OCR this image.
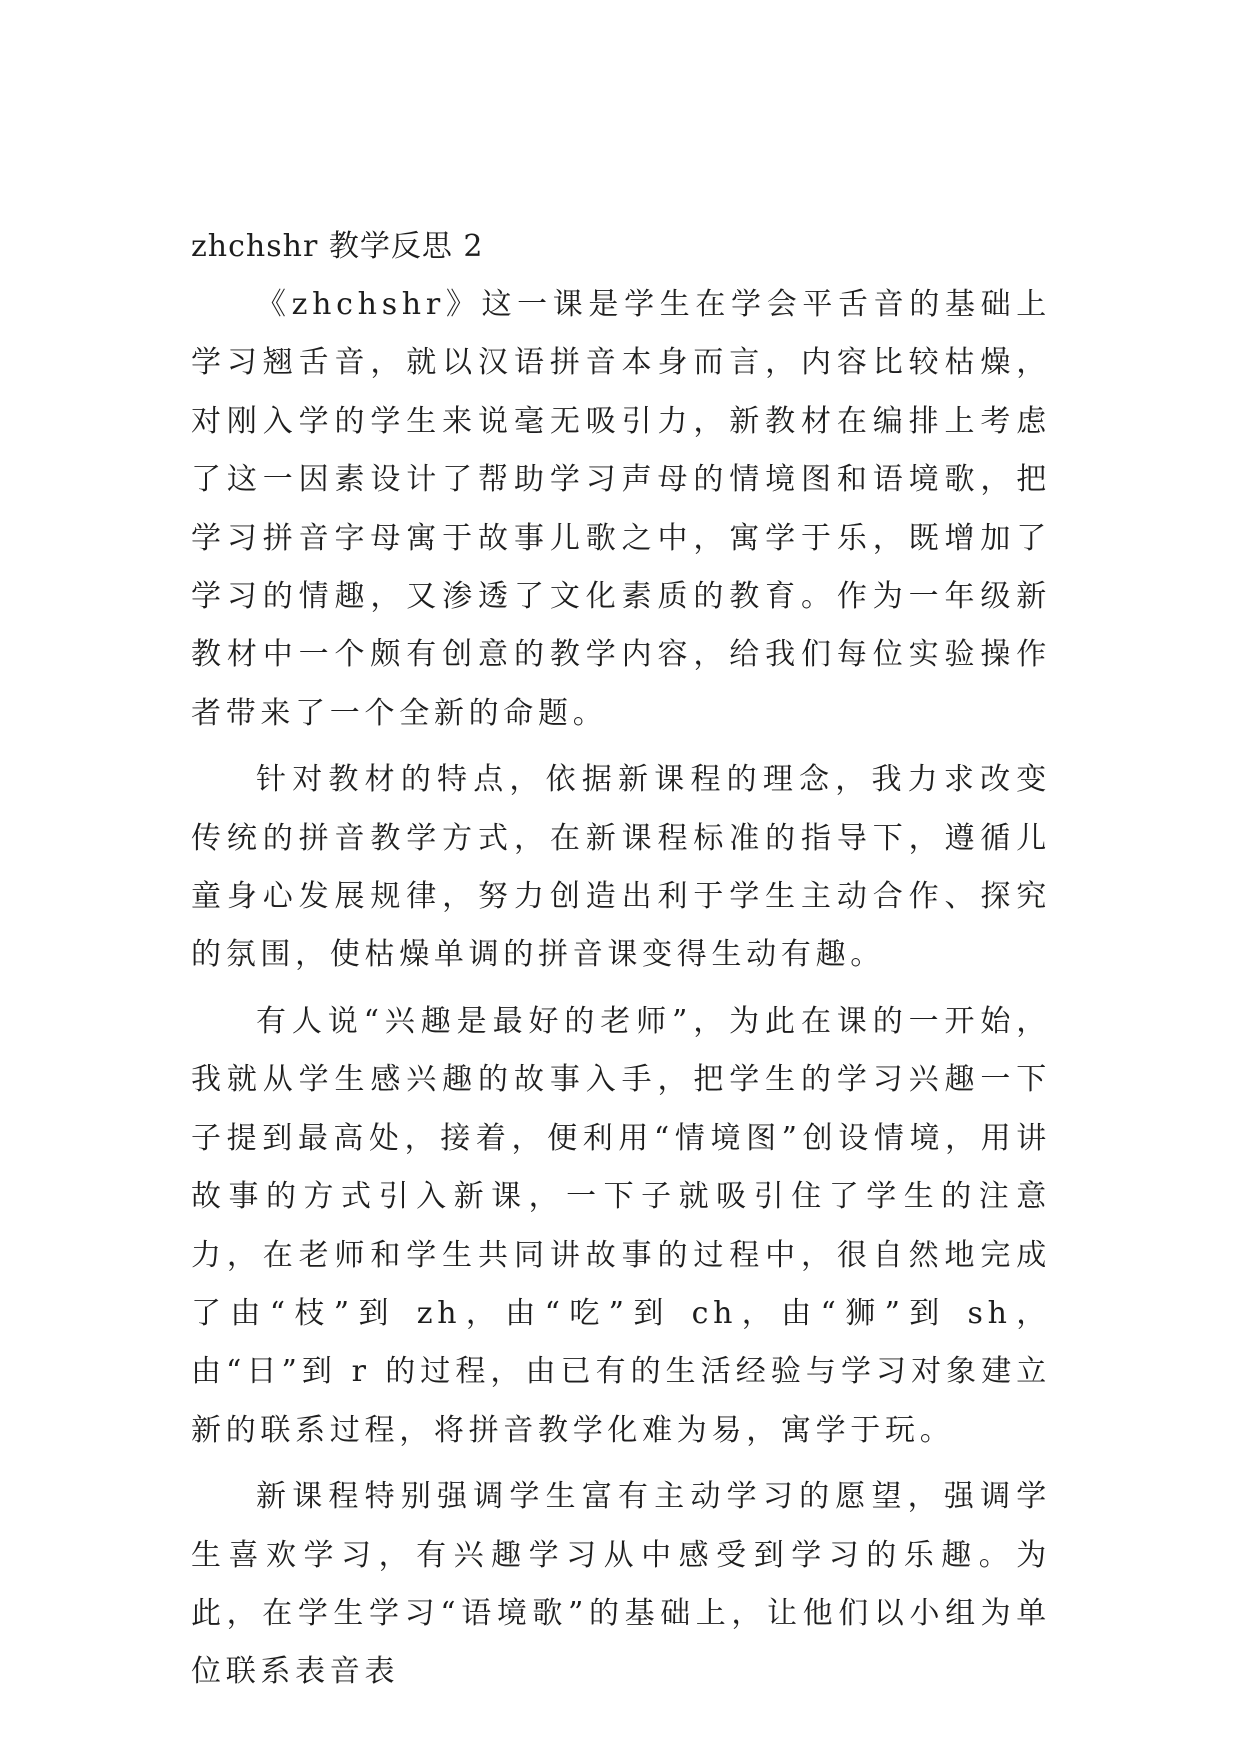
zhchshr 教学反思 2

《zhchshr》这一课是学生在学会平舌音的基础上学习翘舌音，就以汉语拼音本身而言，内容比较枯燥，对刚入学的学生来说毫无吸引力，新教材在编排上考虑了这一因素设计了帮助学习声母的情境图和语境歌，把学习拼音字母寓于故事儿歌之中，寓学于乐，既增加了学习的情趣，又渗透了文化素质的教育。作为一年级新教材中一个颇有创意的教学内容，给我们每位实验操作者带来了一个全新的命题。

针对教材的特点，依据新课程的理念，我力求改变传统的拼音教学方式，在新课程标准的指导下，遵循儿童身心发展规律，努力创造出利于学生主动合作、探究的氛围，使枯燥单调的拼音课变得生动有趣。

有人说“兴趣是最好的老师”，为此在课的一开始，我就从学生感兴趣的故事入手，把学生的学习兴趣一下子提到最高处，接着，便利用“情境图”创设情境，用讲故事的方式引入新课，一下子就吸引住了学生的注意力，在老师和学生共同讲故事的过程中，很自然地完成了由“枝”到 zh，由“吃”到 ch，由“狮”到 sh，由“日”到 r 的过程，由已有的生活经验与学习对象建立新的联系过程，将拼音教学化难为易，寓学于玩。

新课程特别强调学生富有主动学习的愿望，强调学生喜欢学习，有兴趣学习从中感受到学习的乐趣。为此，在学生学习“语境歌”的基础上，让他们以小组为单位联系表音表
